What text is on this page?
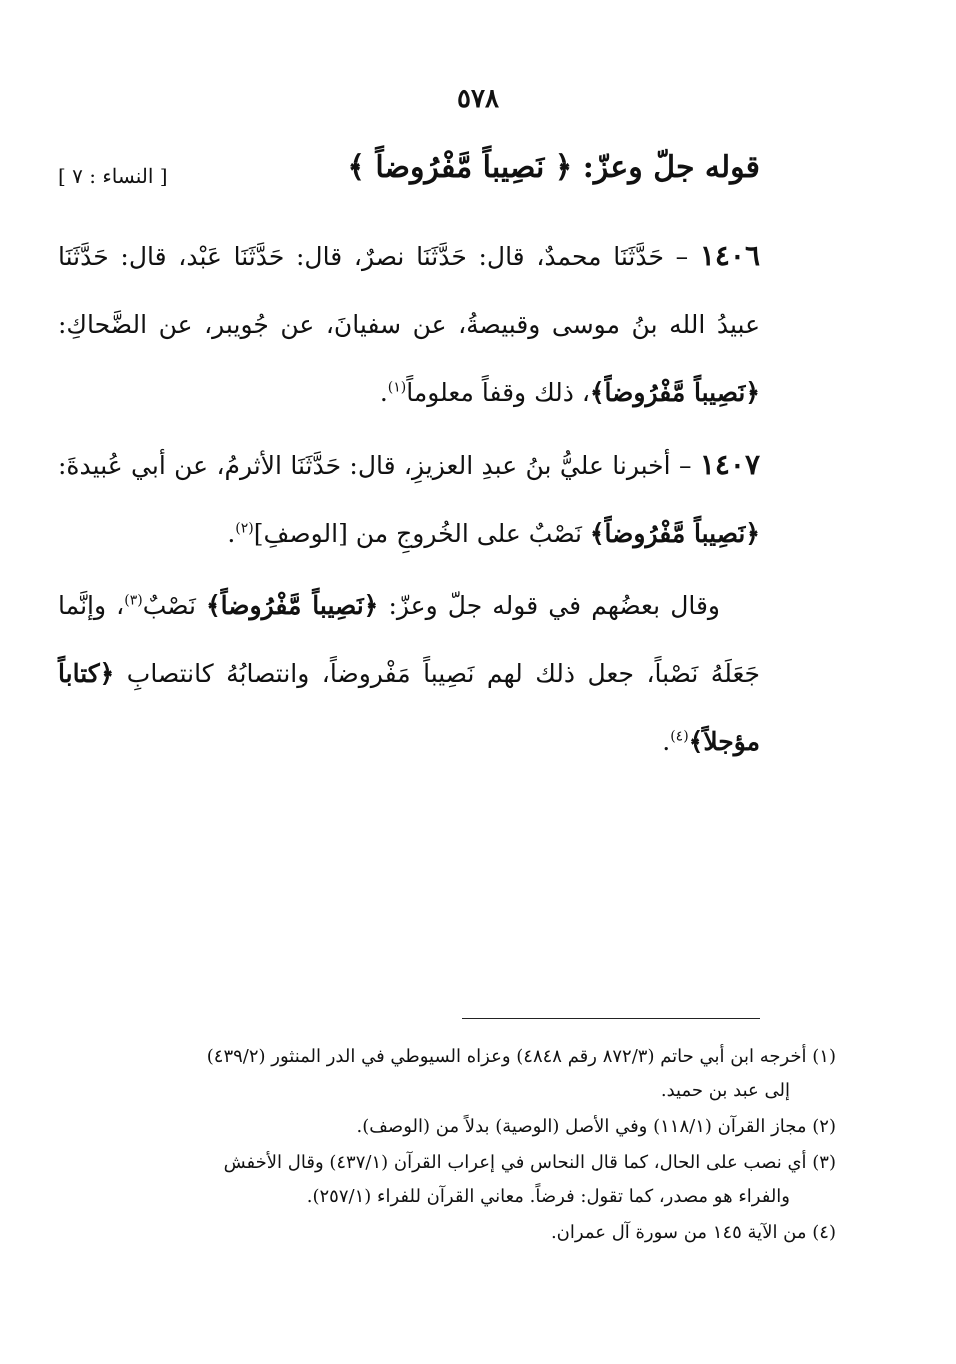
٥٧٨
قوله جلّ وعزّ: ﴿ نَصِيباً مَّفْرُوضاً ﴾
[ النساء : ٧ ]

١٤٠٦ – حَدَّثَنَا محمدٌ، قال: حَدَّثَنَا نصرٌ، قال: حَدَّثَنَا عَبْد، قال: حَدَّثَنَا عبيدُ الله بنُ موسى وقبيصةُ، عن سفيانَ، عن جُويبر، عن الضَّحاكِ: ﴿نَصِيباً مَّفْرُوضاً﴾، ذلك وقفاً معلوماً$^{(١)}$.

١٤٠٧ – أخبرنا عليُّ بنُ عبدِ العزيزِ، قال: حَدَّثَنَا الأثرمُ، عن أبي عُبيدةَ: ﴿نَصِيباً مَّفْرُوضاً﴾ نَصْبٌ على الخُروجِ من [الوصفِ]$^{(٢)}$.

وقال بعضُهم في قوله جلّ وعزّ: ﴿نَصِيباً مَّفْرُوضاً﴾ نَصْبٌ$^{(٣)}$، وإنَّما جَعَلَهُ نَصْباً، جعل ذلك لهم نَصِيباً مَفْروضاً، وانتصابُهُ كانتصابِ ﴿كتاباً مؤجلاً﴾$^{(٤)}$.

(١) أخرجه ابن أبي حاتم (٨٧٢/٣ رقم ٤٨٤٨) وعزاه السيوطي في الدر المنثور (٤٣٩/٢)
إلى عبد بن حميد.
(٢) مجاز القرآن (١١٨/١) وفي الأصل (الوصية) بدلاً من (الوصف).
(٣) أي نصب على الحال، كما قال النحاس في إعراب القرآن (٤٣٧/١) وقال الأخفش
والفراء هو مصدر، كما تقول: فرضاً. معاني القرآن للفراء (٢٥٧/١).
(٤) من الآية ١٤٥ من سورة آل عمران.
